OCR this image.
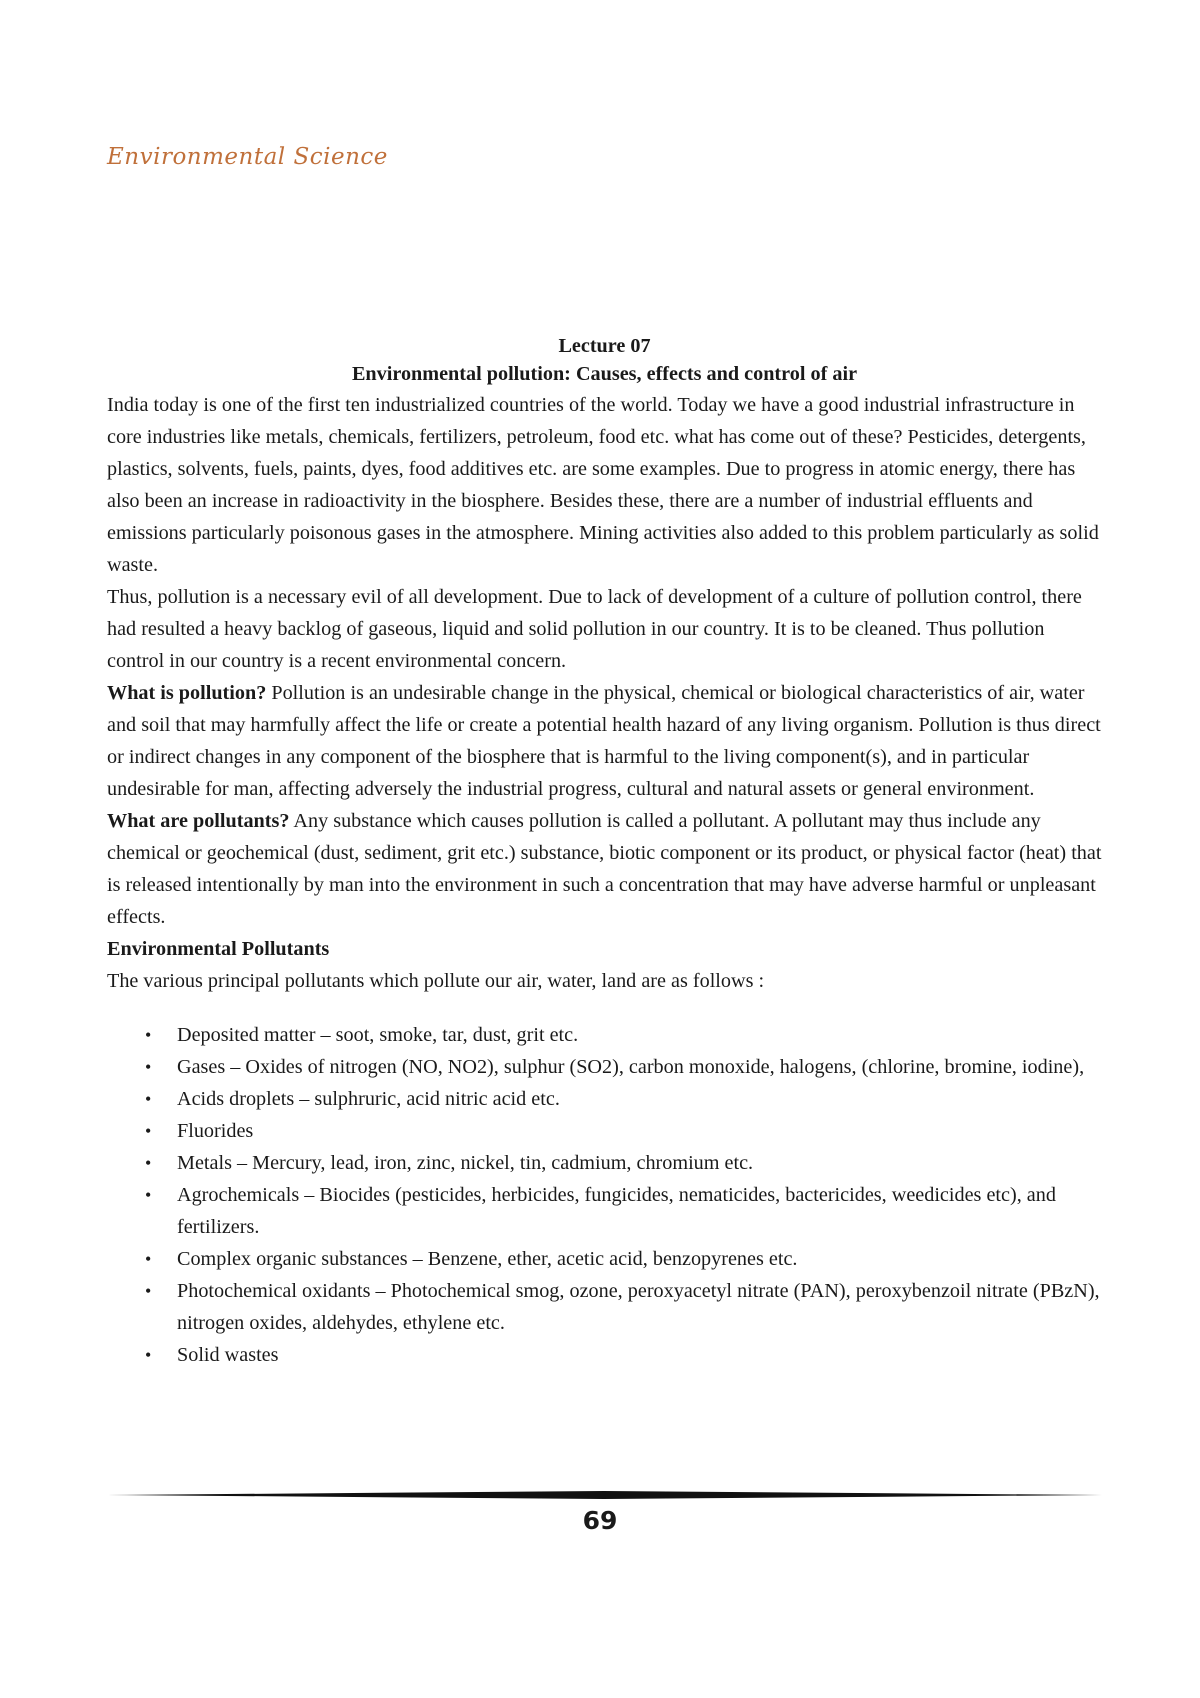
Environmental Science
Lecture 07
Environmental pollution: Causes, effects and control of air

India today is one of the first ten industrialized countries of the world. Today we have a good industrial infrastructure in core industries like metals, chemicals, fertilizers, petroleum, food etc. what has come out of these? Pesticides, detergents, plastics, solvents, fuels, paints, dyes, food additives etc. are some examples. Due to progress in atomic energy, there has also been an increase in radioactivity in the biosphere. Besides these, there are a number of industrial effluents and emissions particularly poisonous gases in the atmosphere. Mining activities also added to this problem particularly as solid waste.

Thus, pollution is a necessary evil of all development. Due to lack of development of a culture of pollution control, there had resulted a heavy backlog of gaseous, liquid and solid pollution in our country. It is to be cleaned. Thus pollution control in our country is a recent environmental concern.

What is pollution? Pollution is an undesirable change in the physical, chemical or biological characteristics of air, water and soil that may harmfully affect the life or create a potential health hazard of any living organism. Pollution is thus direct or indirect changes in any component of the biosphere that is harmful to the living component(s), and in particular undesirable for man, affecting adversely the industrial progress, cultural and natural assets or general environment.

What are pollutants? Any substance which causes pollution is called a pollutant. A pollutant may thus include any chemical or geochemical (dust, sediment, grit etc.) substance, biotic component or its product, or physical factor (heat) that is released intentionally by man into the environment in such a concentration that may have adverse harmful or unpleasant effects.

Environmental Pollutants

The various principal pollutants which pollute our air, water, land are as follows :

• Deposited matter – soot, smoke, tar, dust, grit etc.
• Gases – Oxides of nitrogen (NO, NO2), sulphur (SO2), carbon monoxide, halogens, (chlorine, bromine, iodine),
• Acids droplets – sulphruric, acid nitric acid etc.
• Fluorides
• Metals – Mercury, lead, iron, zinc, nickel, tin, cadmium, chromium etc.
• Agrochemicals – Biocides (pesticides, herbicides, fungicides, nematicides, bactericides, weedicides etc), and fertilizers.
• Complex organic substances – Benzene, ether, acetic acid, benzopyrenes etc.
• Photochemical oxidants – Photochemical smog, ozone, peroxyacetyl nitrate (PAN), peroxybenzoil nitrate (PBzN), nitrogen oxides, aldehydes, ethylene etc.
• Solid wastes
69
